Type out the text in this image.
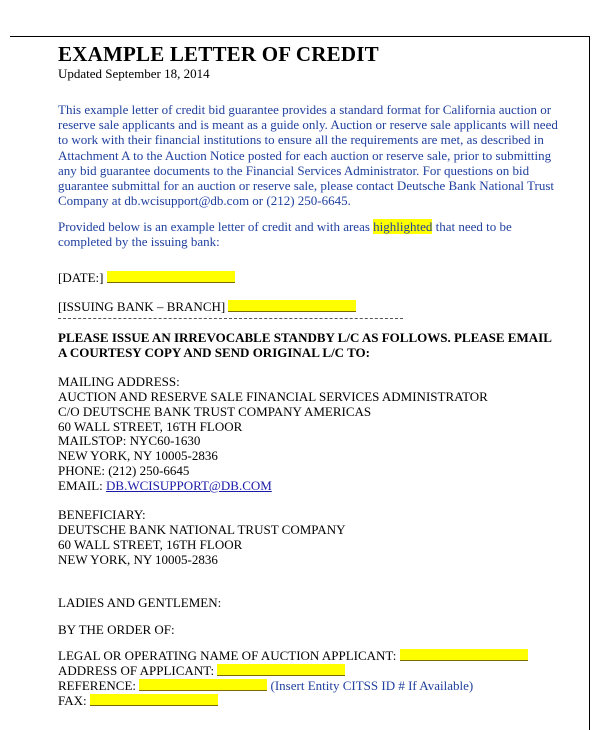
EXAMPLE LETTER OF CREDIT
Updated September 18, 2014
This example letter of credit bid guarantee provides a standard format for California auction or reserve sale applicants and is meant as a guide only. Auction or reserve sale applicants will need to work with their financial institutions to ensure all the requirements are met, as described in Attachment A to the Auction Notice posted for each auction or reserve sale, prior to submitting any bid guarantee documents to the Financial Services Administrator. For questions on bid guarantee submittal for an auction or reserve sale, please contact Deutsche Bank National Trust Company at db.wcisupport@db.com or (212) 250-6645.
Provided below is an example letter of credit and with areas highlighted that need to be completed by the issuing bank:
[DATE:]
[ISSUING BANK – BRANCH]
PLEASE ISSUE AN IRREVOCABLE STANDBY L/C AS FOLLOWS. PLEASE EMAIL
A COURTESY COPY AND SEND ORIGINAL L/C TO:
MAILING ADDRESS:
AUCTION AND RESERVE SALE FINANCIAL SERVICES ADMINISTRATOR
C/O DEUTSCHE BANK TRUST COMPANY AMERICAS
60 WALL STREET, 16TH FLOOR
MAILSTOP: NYC60-1630
NEW YORK, NY 10005-2836
PHONE: (212) 250-6645
EMAIL: DB.WCISUPPORT@DB.COM
BENEFICIARY:
DEUTSCHE BANK NATIONAL TRUST COMPANY
60 WALL STREET, 16TH FLOOR
NEW YORK, NY 10005-2836
LADIES AND GENTLEMEN:
BY THE ORDER OF:
LEGAL OR OPERATING NAME OF AUCTION APPLICANT:
ADDRESS OF APPLICANT:
REFERENCE:	(Insert Entity CITSS ID # If Available)
FAX:
